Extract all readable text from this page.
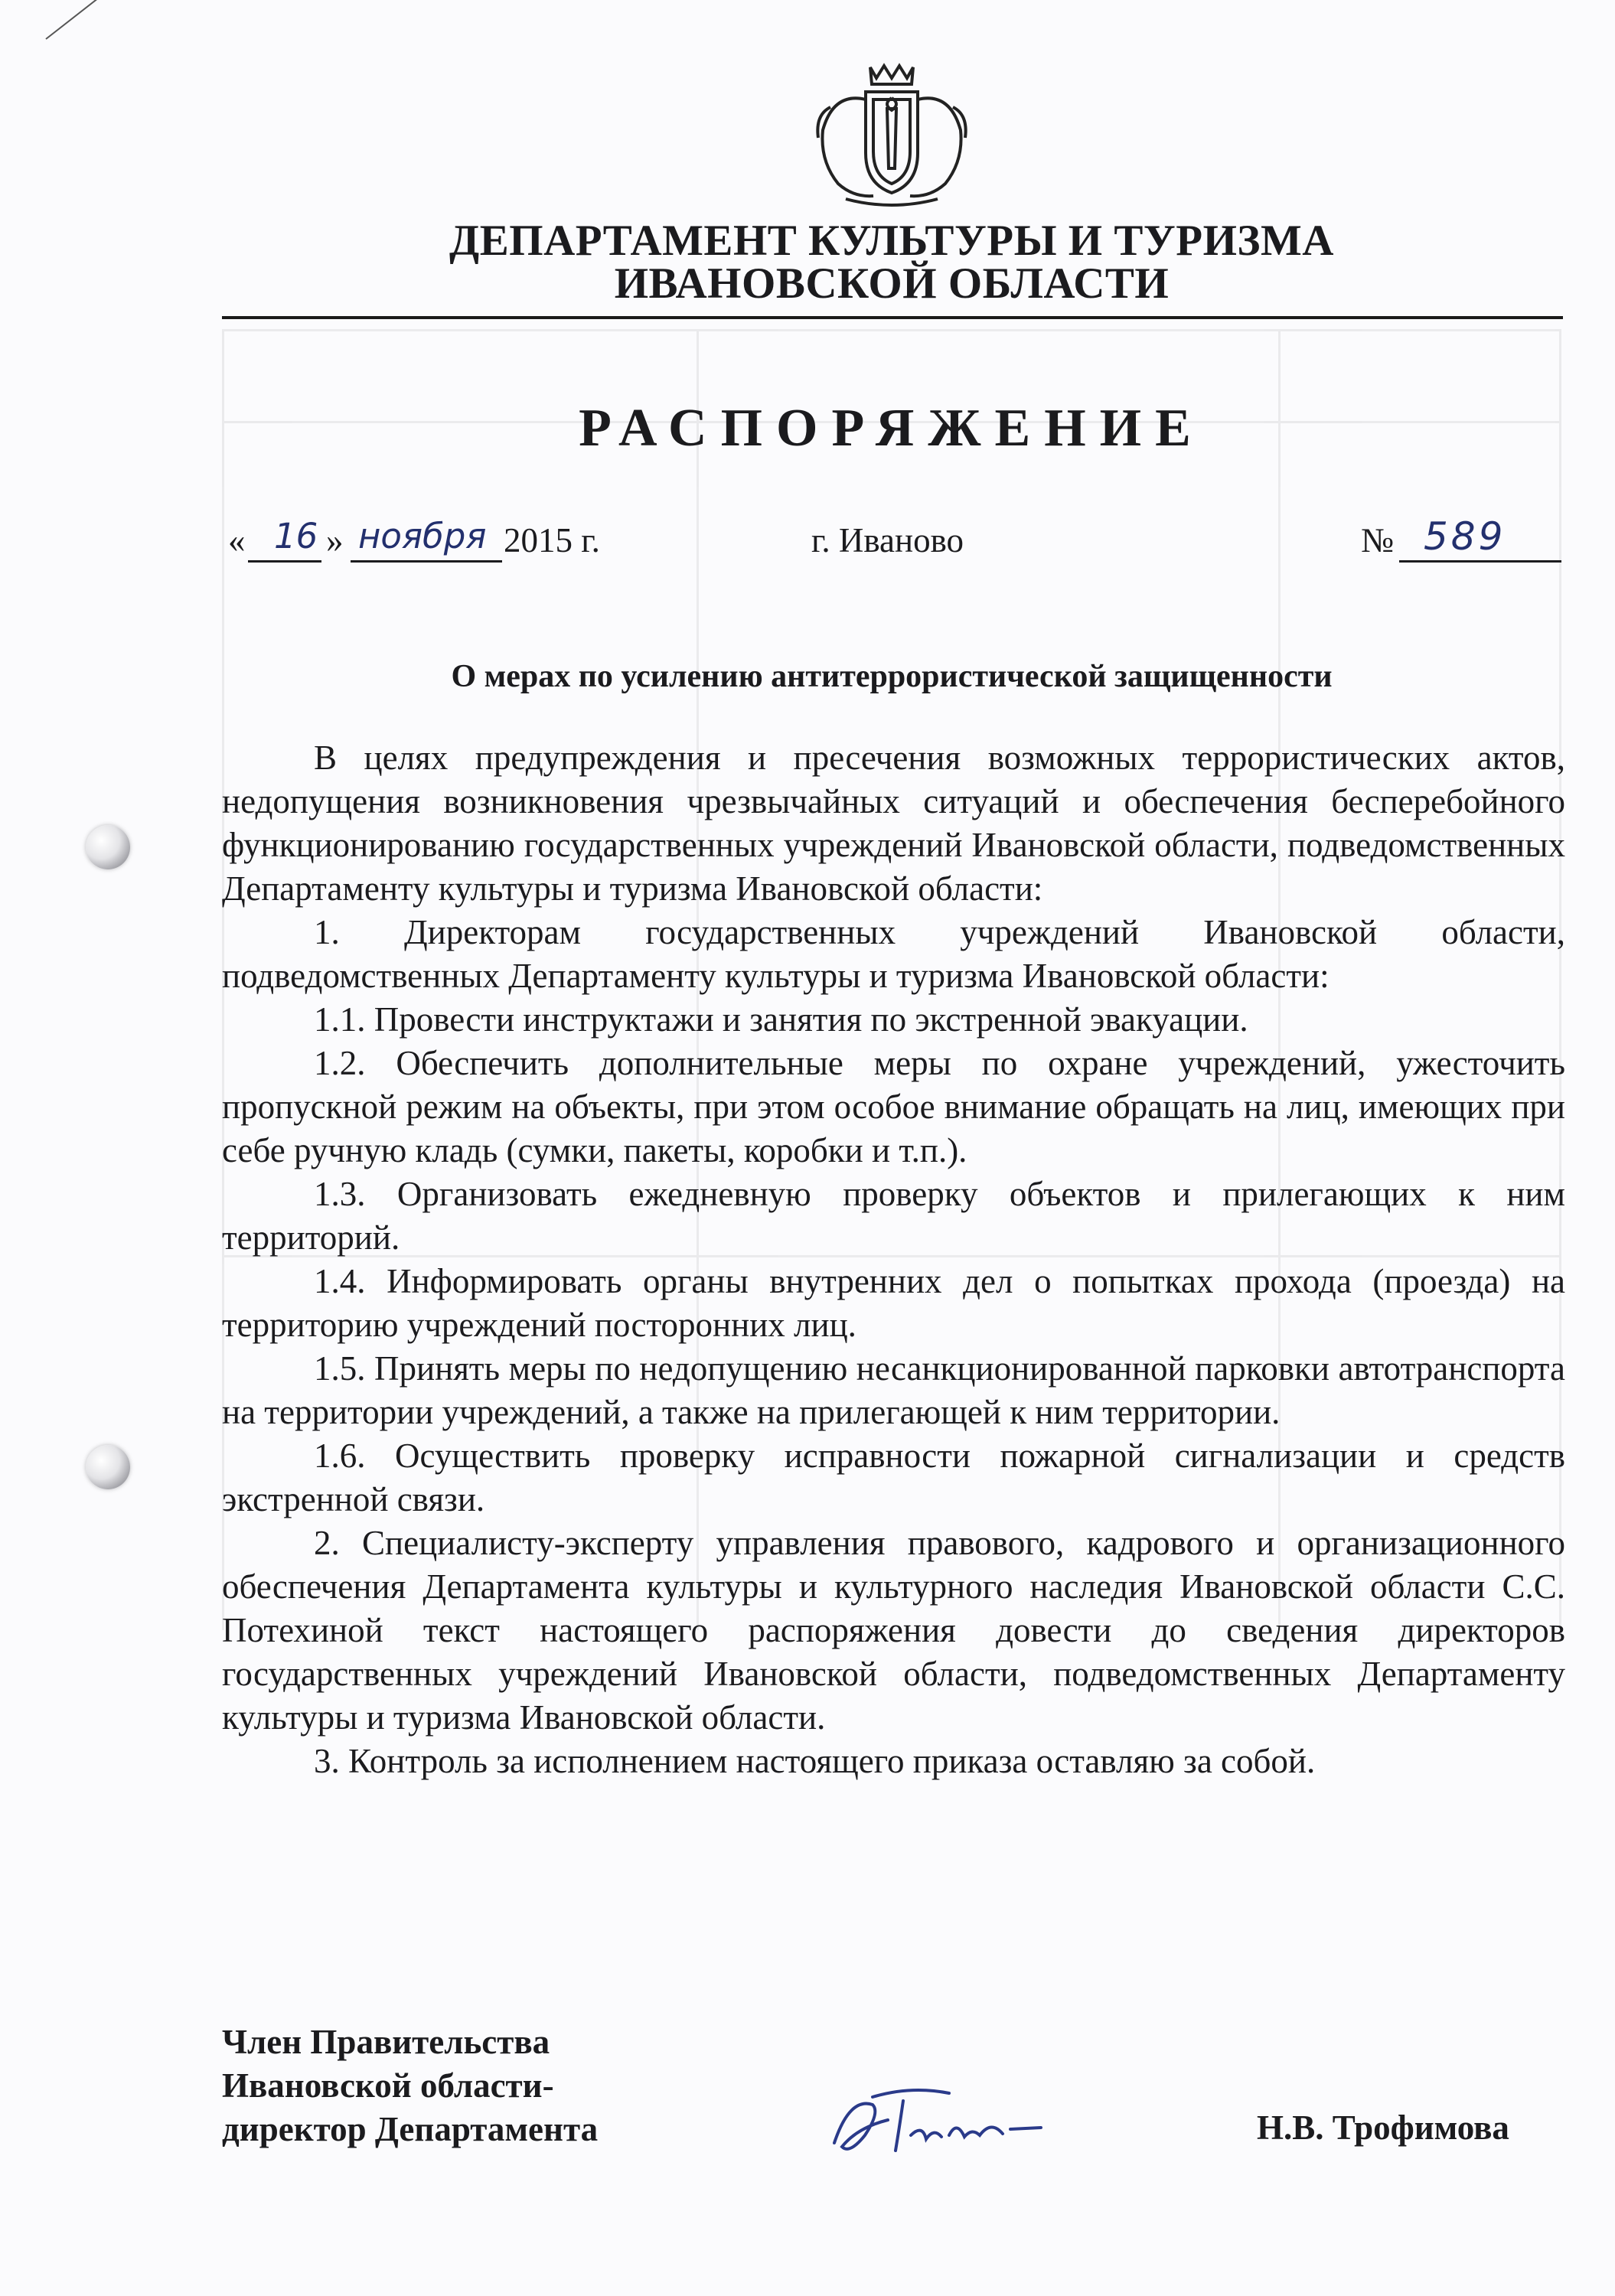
ДЕПАРТАМЕНТ КУЛЬТУРЫ И ТУРИЗМА
ИВАНОВСКОЙ ОБЛАСТИ
РАСПОРЯЖЕНИЕ
« 16 » ноября 2015 г.	г. Иваново	№ 589
О мерах по усилению антитеррористической защищенности

В целях предупреждения и пресечения возможных террористических актов, недопущения возникновения чрезвычайных ситуаций и обеспечения бесперебойного функционированию государственных учреждений Ивановской области, подведомственных Департаменту культуры и туризма Ивановской области:

1. Директорам государственных учреждений Ивановской области, подведомственных Департаменту культуры и туризма Ивановской области:

1.1. Провести инструктажи и занятия по экстренной эвакуации.

1.2. Обеспечить дополнительные меры по охране учреждений, ужесточить пропускной режим на объекты, при этом особое внимание обращать на лиц, имеющих при себе ручную кладь (сумки, пакеты, коробки и т.п.).

1.3. Организовать ежедневную проверку объектов и прилегающих к ним территорий.

1.4. Информировать органы внутренних дел о попытках прохода (проезда) на территорию учреждений посторонних лиц.

1.5. Принять меры по недопущению несанкционированной парковки автотранспорта на территории учреждений, а также на прилегающей к ним территории.

1.6. Осуществить проверку исправности пожарной сигнализации и средств экстренной связи.

2. Специалисту-эксперту управления правового, кадрового и организационного обеспечения Департамента культуры и культурного наследия Ивановской области С.С. Потехиной текст настоящего распоряжения довести до сведения директоров государственных учреждений Ивановской области, подведомственных Департаменту культуры и туризма Ивановской области.

3. Контроль за исполнением настоящего приказа оставляю за собой.

Член Правительства
Ивановской области-
директор Департамента	Н.В. Трофимова
